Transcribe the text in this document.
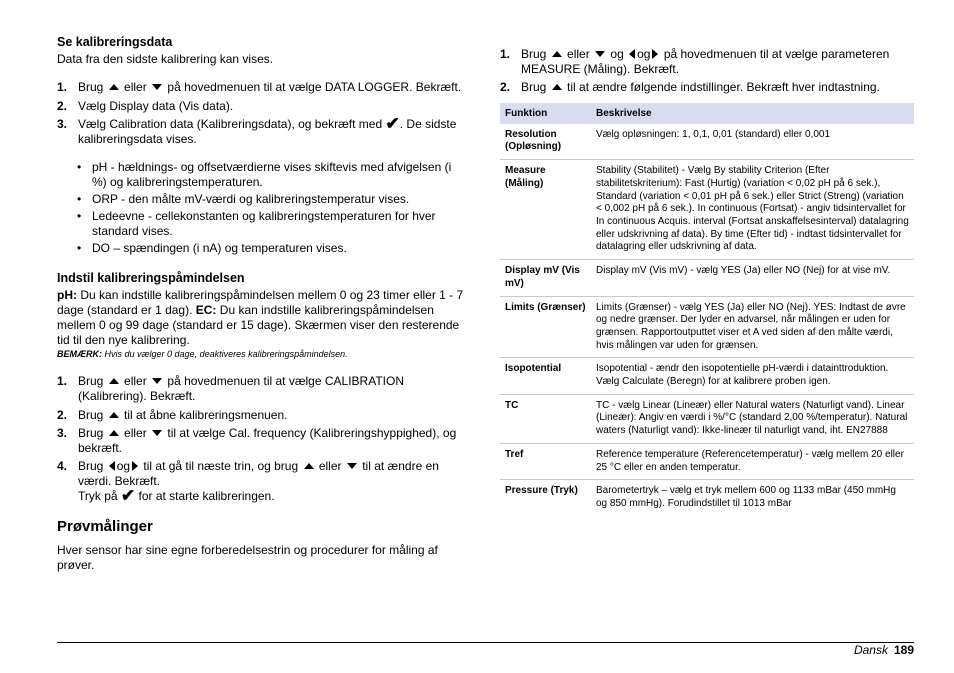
Se kalibreringsdata

Data fra den sidste kalibrering kan vises.

1. Brug eller på hovedmenuen til at vælge DATA LOGGER. Bekræft.
2. Vælg Display data (Vis data).
3. Vælg Calibration data (Kalibreringsdata), og bekræft med ✔. De sidste kalibreringsdata vises.
• pH - hældnings- og offsetværdierne vises skiftevis med afvigelsen (i %) og kalibreringstemperaturen.
• ORP - den målte mV-værdi og kalibreringstemperatur vises.
• Ledeevne - cellekonstanten og kalibreringstemperaturen for hver standard vises.
• DO – spændingen (i nA) og temperaturen vises.
Indstil kalibreringspåmindelsen

pH: Du kan indstille kalibreringspåmindelsen mellem 0 og 23 timer eller 1 - 7 dage (standard er 1 dag). EC: Du kan indstille kalibreringspåmindelsen mellem 0 og 99 dage (standard er 15 dage). Skærmen viser den resterende tid til den nye kalibrering.

BEMÆRK: Hvis du vælger 0 dage, deaktiveres kalibreringspåmindelsen.

1. Brug eller på hovedmenuen til at vælge CALIBRATION (Kalibrering). Bekræft.
2. Brug til at åbne kalibreringsmenuen.
3. Brug eller til at vælge Cal. frequency (Kalibreringshyppighed), og bekræft.
4. Brug og til at gå til næste trin, og brug eller til at ændre en værdi. Bekræft.
Tryk på ✔ for at starte kalibreringen.
Prøvmålinger

Hver sensor har sine egne forberedelsestrin og procedurer for måling af prøver.

1. Brug eller og og på hovedmenuen til at vælge parameteren MEASURE (Måling). Bekræft.
2. Brug til at ændre følgende indstillinger. Bekræft hver indtastning.
Funktion	Beskrivelse
Resolution (Opløsning)	Vælg opløsningen: 1, 0,1, 0,01 (standard) eller 0,001
Measure (Måling)	Stability (Stabilitet) - Vælg By stability Criterion (Efter stabilitetskriterium): Fast (Hurtig) (variation < 0,02 pH på 6 sek.), Standard (variation < 0,01 pH på 6 sek.) eller Strict (Streng) (variation < 0,002 pH på 6 sek.). In continuous (Fortsat) - angiv tidsintervallet for In continuous Acquis. interval (Fortsat anskaffelsesinterval) datalagring eller udskrivning af data). By time (Efter tid) - indtast tidsintervallet for datalagring eller udskrivning af data.
Display mV (Vis mV)	Display mV (Vis mV) - vælg YES (Ja) eller NO (Nej) for at vise mV.
Limits (Grænser)	Limits (Grænser) - vælg YES (Ja) eller NO (Nej). YES: Indtast de øvre og nedre grænser. Der lyder en advarsel, når målingen er uden for grænsen. Rapportoutputtet viser et A ved siden af den målte værdi, hvis målingen var uden for grænsen.
Isopotential	Isopotential - ændr den isopotentielle pH-værdi i datainttroduktion. Vælg Calculate (Beregn) for at kalibrere proben igen.
TC	TC - vælg Linear (Lineær) eller Natural waters (Naturligt vand). Linear (Lineær): Angiv en værdi i %/°C (standard 2,00 %/temperatur). Natural waters (Naturligt vand): Ikke-lineær til naturligt vand, iht. EN27888
Tref	Reference temperature (Referencetemperatur) - vælg mellem 20 eller 25 °C eller en anden temperatur.
Pressure (Tryk)	Barometertryk – vælg et tryk mellem 600 og 1133 mBar (450 mmHg og 850 mmHg). Forudindstillet til 1013 mBar
Dansk 189
